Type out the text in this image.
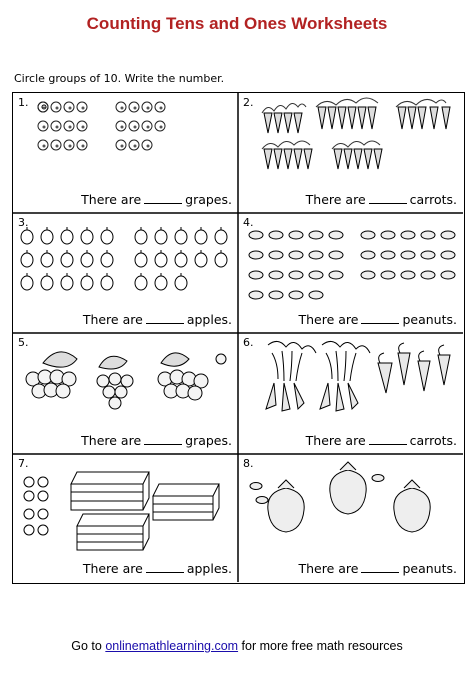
Counting Tens and Ones Worksheets
Circle groups of 10. Write the number.
1.
There are	grapes.
2.
There are	carrots.
3.
There are	apples.
4.
There are	peanuts.
5.
There are	grapes.
6.
There are	carrots.
7.
There are	apples.
8.
There are	peanuts.
Go to onlinemathlearning.com for more free math resources
